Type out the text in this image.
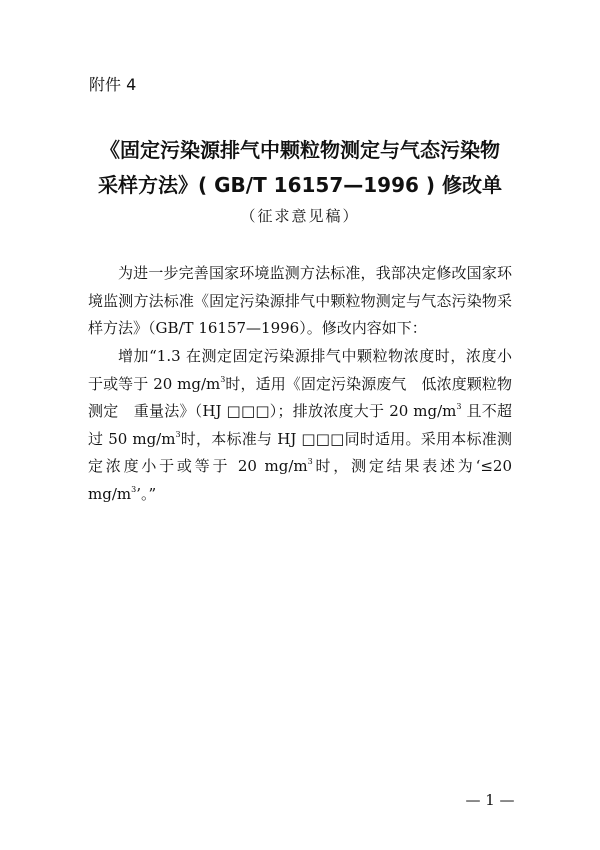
附件 4
《固定污染源排气中颗粒物测定与气态污染物
采样方法》( GB/T 16157—1996 ) 修改单
（征求意见稿）
为进一步完善国家环境监测方法标准，我部决定修改国家环境监测方法标准《固定污染源排气中颗粒物测定与气态污染物采样方法》（GB/T 16157—1996）。修改内容如下：
增加“1.3 在测定固定污染源排气中颗粒物浓度时，浓度小于或等于 20 $mg/m^3$时，适用《固定污染源废气　低浓度颗粒物测定　重量法》（HJ □□□）；排放浓度大于 20 $mg/m^3$ 且不超过 50 $mg/m^3$时，本标准与 HJ □□□同时适用。采用本标准测定浓度小于或等于 20 $mg/m^3$时，测定结果表述为‘≤20 $mg/m^3$’。”
— 1 —
